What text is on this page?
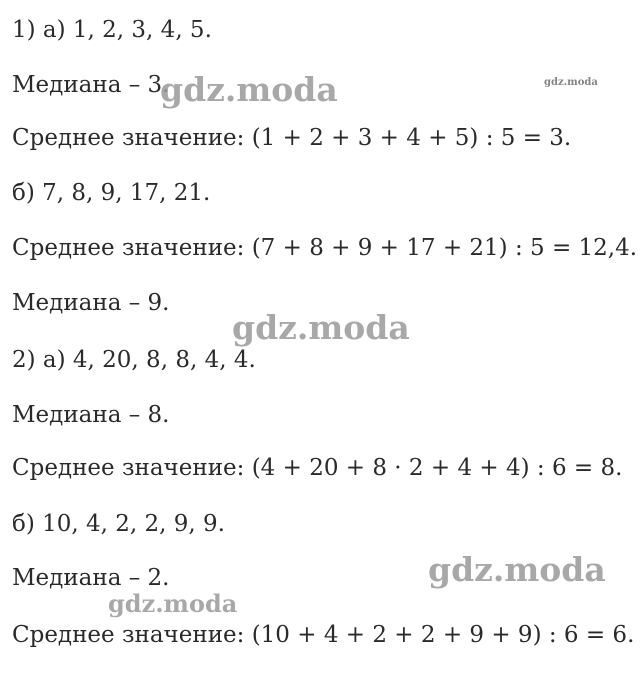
1) а) 1, 2, 3, 4, 5.
Медиана – 3.
Среднее значение: (1 + 2 + 3 + 4 + 5) : 5 = 3.
б) 7, 8, 9, 17, 21.
Среднее значение: (7 + 8 + 9 + 17 + 21) : 5 = 12,4.
Медиана – 9.
2) а) 4, 20, 8, 8, 4, 4.
Медиана – 8.
Среднее значение: (4 + 20 + 8 · 2 + 4 + 4) : 6 = 8.
б) 10, 4, 2, 2, 9, 9.
Медиана – 2.
Среднее значение: (10 + 4 + 2 + 2 + 9 + 9) : 6 = 6.
gdz.moda	gdz.moda
gdz.moda
gdz.moda
gdz.moda
